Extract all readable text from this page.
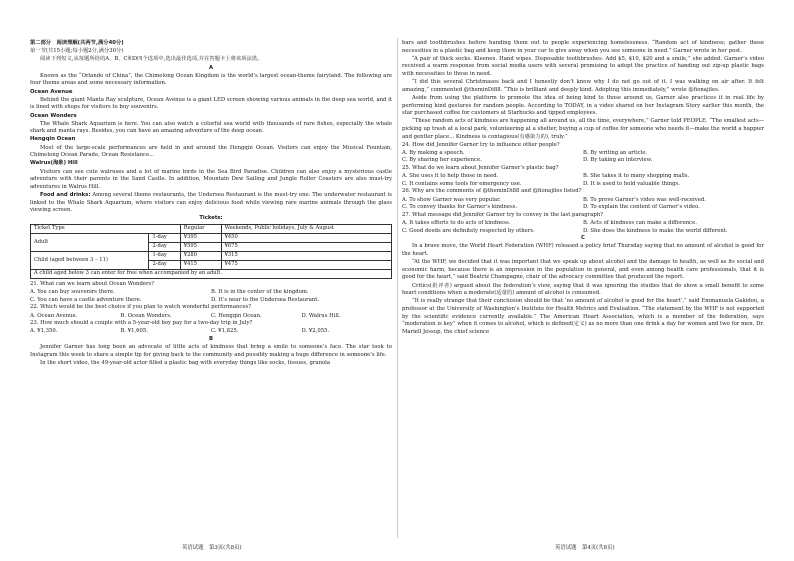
第二部分　阅读理解(共两节,满分40分)

第一节(共15小题;每小题2分,满分30分)

阅读下列短文,从每题所给的A、B、C和D四个选项中,选出最佳选项,并在答题卡上将该项涂黑。

A

Known as the “Orlando of China”, the Chimelong Ocean Kingdom is the world’s largest ocean-theme fairyland. The following are four theme areas and some necessary information.

Ocean Avenue

Behind the giant Manta Ray sculpture, Ocean Avenue is a giant LED screen showing various animals in the deep sea world, and it is lined with shops for visitors to buy souvenirs.

Ocean Wonders

The Whale Shark Aquarium is here. You can also watch a colorful sea world with thousands of rare fishes, especially the whale shark and manta rays. Besides, you can have an amazing adventure of the deep ocean.

Hengqin Ocean

Most of the large-scale performances are held in and around the Hengqin Ocean. Visitors can enjoy the Musical Fountain, Chimelong Ocean Parade, Ocean Resistance...

Walrus(海象) Hill

Visitors can see cute walruses and a lot of marine birds in the Sea Bird Paradise. Children can also enjoy a mysterious castle adventure with their parents in the Sand Castle. In addition, Mountain Dew Sailing and Jungle Roller Coasters are also must-try adventures in Walrus Hill.

Food and drinks: Among several theme restaurants, the Undersea Restaurant is the must-try one. The underwater restaurant is linked to the Whale Shark Aquarium, where visitors can enjoy delicious food while viewing rare marine animals through the glass viewing screen.

Tickets:

Ticket Type		Regular	Weekends, Public holidays, July & August
Adult	1-day	¥395	¥450
	2-day	¥595	¥675
Child (aged between 3 – 11)	1-day	¥280	¥315
	2-day	¥415	¥475
A child aged below 3 can enter for free when accompanied by an adult.			

21. What can we learn about Ocean Wonders?

A. You can buy souvenirs there.	B. It is in the center of the kingdom.
C. You can have a castle adventure there.	D. It’s near to the Undersea Restaurant.

22. Which would be the best choice if you plan to watch wonderful performances?

A. Ocean Avenue.	B. Ocean Wonders.	C. Hengqin Ocean.	D. Walrus Hill.

23. How much should a couple with a 5-year-old boy pay for a two-day trip in July?

A. ¥1,350.	B. ¥1,605.	C. ¥1,825.	D. ¥2,055.

B

Jennifer Garner has long been an advocate of little acts of kindness that bring a smile to someone’s face. The star took to Instagram this week to share a simple tip for giving back to the community and possibly making a huge difference in someone’s life.

In the short video, the 49-year-old actor filled a plastic bag with everyday things like socks, tissues, granola

bars and toothbrushes before handing them out to people experiencing homelessness. “Random act of kindness; gather these necessities in a plastic bag and keep them in your car to give away when you see someone in need.” Garner wrote in her post.

“A pair of thick socks. Kleenex. Hand wipes. Disposable toothbrushes. Add $5, $10, $20 and a smile,” she added. Garner’s video received a warm response from social media users with several promising to adopt the practice of handing out zip-up plastic bags with necessities to those in need.

“I did this several Christmases back and I honestly don’t know why I do not go out of it. I was walking on air after. It felt amazing,” commented @theminDi88. “This is brilliant and deeply kind. Adopting this immediately,” wrote @fionajiles.

Aside from using the platform to promote the idea of being kind to those around us, Garner also practices it in real life by performing kind gestures for random people. According to TODAY, in a video shared on her Instagram Story earlier this month, the star purchased coffee for customers at Starbucks and tipped employees.

“These random acts of kindness are happening all around us, all the time, everywhere,” Garner told PEOPLE. “The smallest acts—picking up trash at a local park, volunteering at a shelter, buying a cup of coffee for someone who needs it—make the world a happier and gentler place... Kindness is contagious(有感染力的), truly.”

24. How did Jennifer Garner try to influence other people?

A. By making a speech.	B. By writing an article.
C. By sharing her experience.	D. By taking an interview.

25. What do we learn about Jennifer Garner’s plastic bag?

A. She uses it to help those in need.	B. She takes it to many shopping malls.
C. It contains some tools for emergency use.	D. It is used to hold valuable things.

26. Why are the comments of @theminDi88 and @fionajiles listed?

A. To show Garner was very popular.	B. To prove Garner’s video was well-received.
C. To convey thanks for Garner’s kindness.	D. To explain the content of Garner’s video.

27. What message did Jennifer Garner try to convey in the last paragraph?

A. It takes efforts to do acts of kindness.	B. Acts of kindness can make a difference.
C. Good deeds are definitely respected by others.	D. She does the kindness to make the world different.

C

In a brave move, the World Heart Federation (WHF) released a policy brief Thursday saying that no amount of alcohol is good for the heart.

“At the WHF, we decided that it was important that we speak up about alcohol and the damage to health, as well as its social and economic harm, because there is an impression in the population in general, and even among health care professionals, that it is good for the heart,” said Beatriz Champagne, chair of the advocacy committee that produced the report.

Critics(批评者) argued about the federation’s view, saying that it was ignoring the studies that do show a small benefit to some heart conditions when a moderate(适量的) amount of alcohol is consumed.

“It is really strange that their conclusion should be that ‘no amount of alcohol is good for the heart’,” said Emmanuela Gakidou, a professor at the University of Washington’s Institute for Health Metrics and Evaluation. “The statement by the WHF is not supported by the scientific evidence currently available.” The American Heart Association, which is a member of the federation, says “moderation is key” when it comes to alcohol, which is defined(定义) as no more than one drink a day for women and two for men. Dr. Mariell Jessup, the chief science

英语试题　第3页(共8页)	英语试题　第4页(共8页)
